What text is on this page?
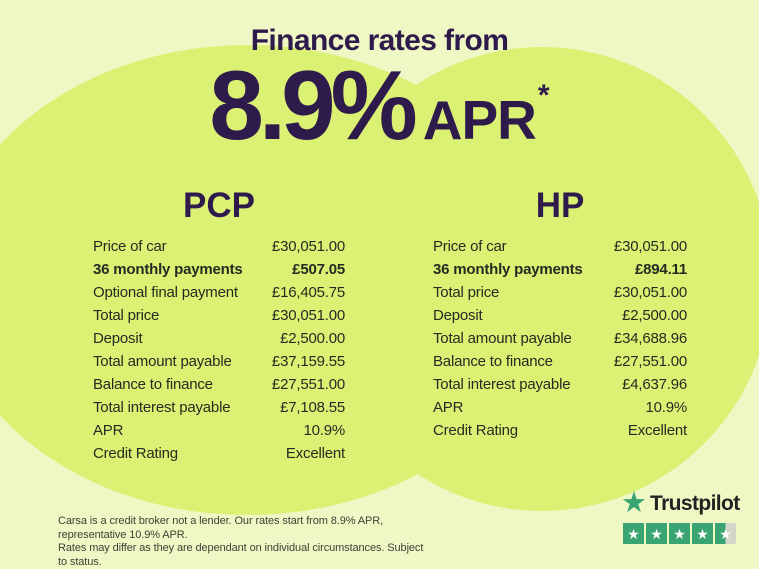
Finance rates from
8.9% APR *
PCP
Price of car	£30,051.00
36 monthly payments	£507.05
Optional final payment £16,405.75
Total price	£30,051.00
Deposit	£2,500.00
Total amount payable	£37,159.55
Balance to finance	£27,551.00
Total interest payable	£7,108.55
APR	10.9%
Credit Rating	Excellent
HP
Price of car	£30,051.00
36 monthly payments	£894.11
Total price	£30,051.00
Deposit	£2,500.00
Total amount payable	£34,688.96
Balance to finance	£27,551.00
Total interest payable	£4,637.96
APR	10.9%
Credit Rating	Excellent
Carsa is a credit broker not a lender. Our rates start from 8.9% APR, representative 10.9% APR.
Rates may differ as they are dependant on individual circumstances. Subject to status.
★ Trustpilot
★ ★ ★ ★ ★
